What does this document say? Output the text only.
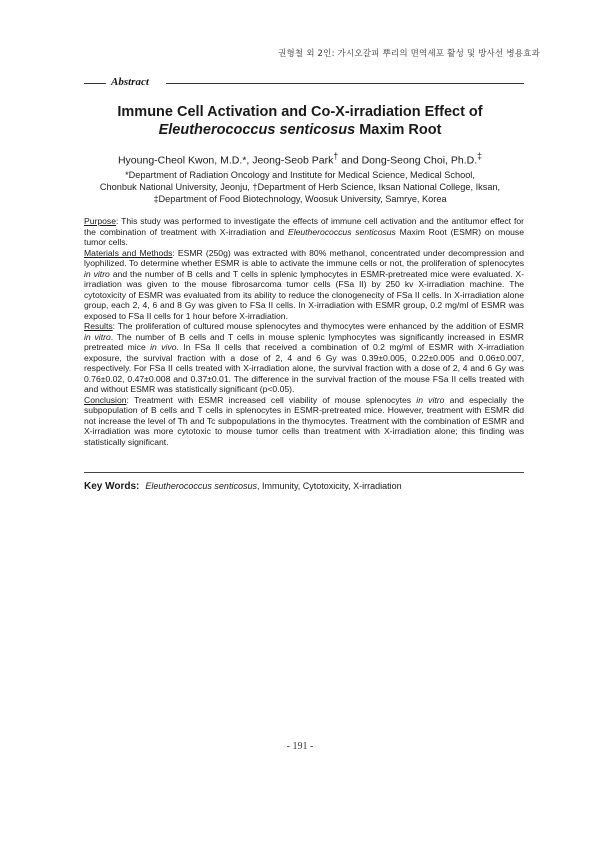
권형철 외 2인: 가시오갈피 뿌리의 면역세포 활성 및 방사선 병용효과
Abstract
Immune Cell Activation and Co-X-irradiation Effect of
Eleutherococcus senticosus Maxim Root
Hyoung-Cheol Kwon, M.D.*, Jeong-Seob Park† and Dong-Seong Choi, Ph.D.‡
*Department of Radiation Oncology and Institute for Medical Science, Medical School,
Chonbuk National University, Jeonju, †Department of Herb Science, Iksan National College, Iksan,
‡Department of Food Biotechnology, Woosuk University, Samrye, Korea

Purpose: This study was performed to investigate the effects of immune cell activation and the antitumor effect for the combination of treatment with X-irradiation and Eleutherococcus senticosus Maxim Root (ESMR) on mouse tumor cells.

Materials and Methods: ESMR (250g) was extracted with 80% methanol, concentrated under decompression and lyophilized. To determine whether ESMR is able to activate the immune cells or not, the proliferation of splenocytes in vitro and the number of B cells and T cells in splenic lymphocytes in ESMR-pretreated mice were evaluated. X-irradiation was given to the mouse fibrosarcoma tumor cells (FSa II) by 250 kv X-irradiation machine. The cytotoxicity of ESMR was evaluated from its ability to reduce the clonogenecity of FSa II cells. In X-irradiation alone group, each 2, 4, 6 and 8 Gy was given to FSa II cells. In X-irradiation with ESMR group, 0.2 mg/ml of ESMR was exposed to FSa II cells for 1 hour before X-irradiation.

Results: The proliferation of cultured mouse splenocytes and thymocytes were enhanced by the addition of ESMR in vitro. The number of B cells and T cells in mouse splenic lymphocytes was significantly increased in ESMR pretreated mice in vivo. In FSa II cells that received a combination of 0.2 mg/ml of ESMR with X-irradiation exposure, the survival fraction with a dose of 2, 4 and 6 Gy was 0.39±0.005, 0.22±0.005 and 0.06±0.007, respectively. For FSa II cells treated with X-irradiation alone, the survival fraction with a dose of 2, 4 and 6 Gy was 0.76±0.02, 0.47±0.008 and 0.37±0.01. The difference in the survival fraction of the mouse FSa II cells treated with and without ESMR was statistically significant (p<0.05).

Conclusion: Treatment with ESMR increased cell viability of mouse splenocytes in vitro and especially the subpopulation of B cells and T cells in splenocytes in ESMR-pretreated mice. However, treatment with ESMR did not increase the level of Th and Tc subpopulations in the thymocytes. Treatment with the combination of ESMR and X-irradiation was more cytotoxic to mouse tumor cells than treatment with X-irradiation alone; this finding was statistically significant.

Key Words: Eleutherococcus senticosus, Immunity, Cytotoxicity, X-irradiation
- 191 -
